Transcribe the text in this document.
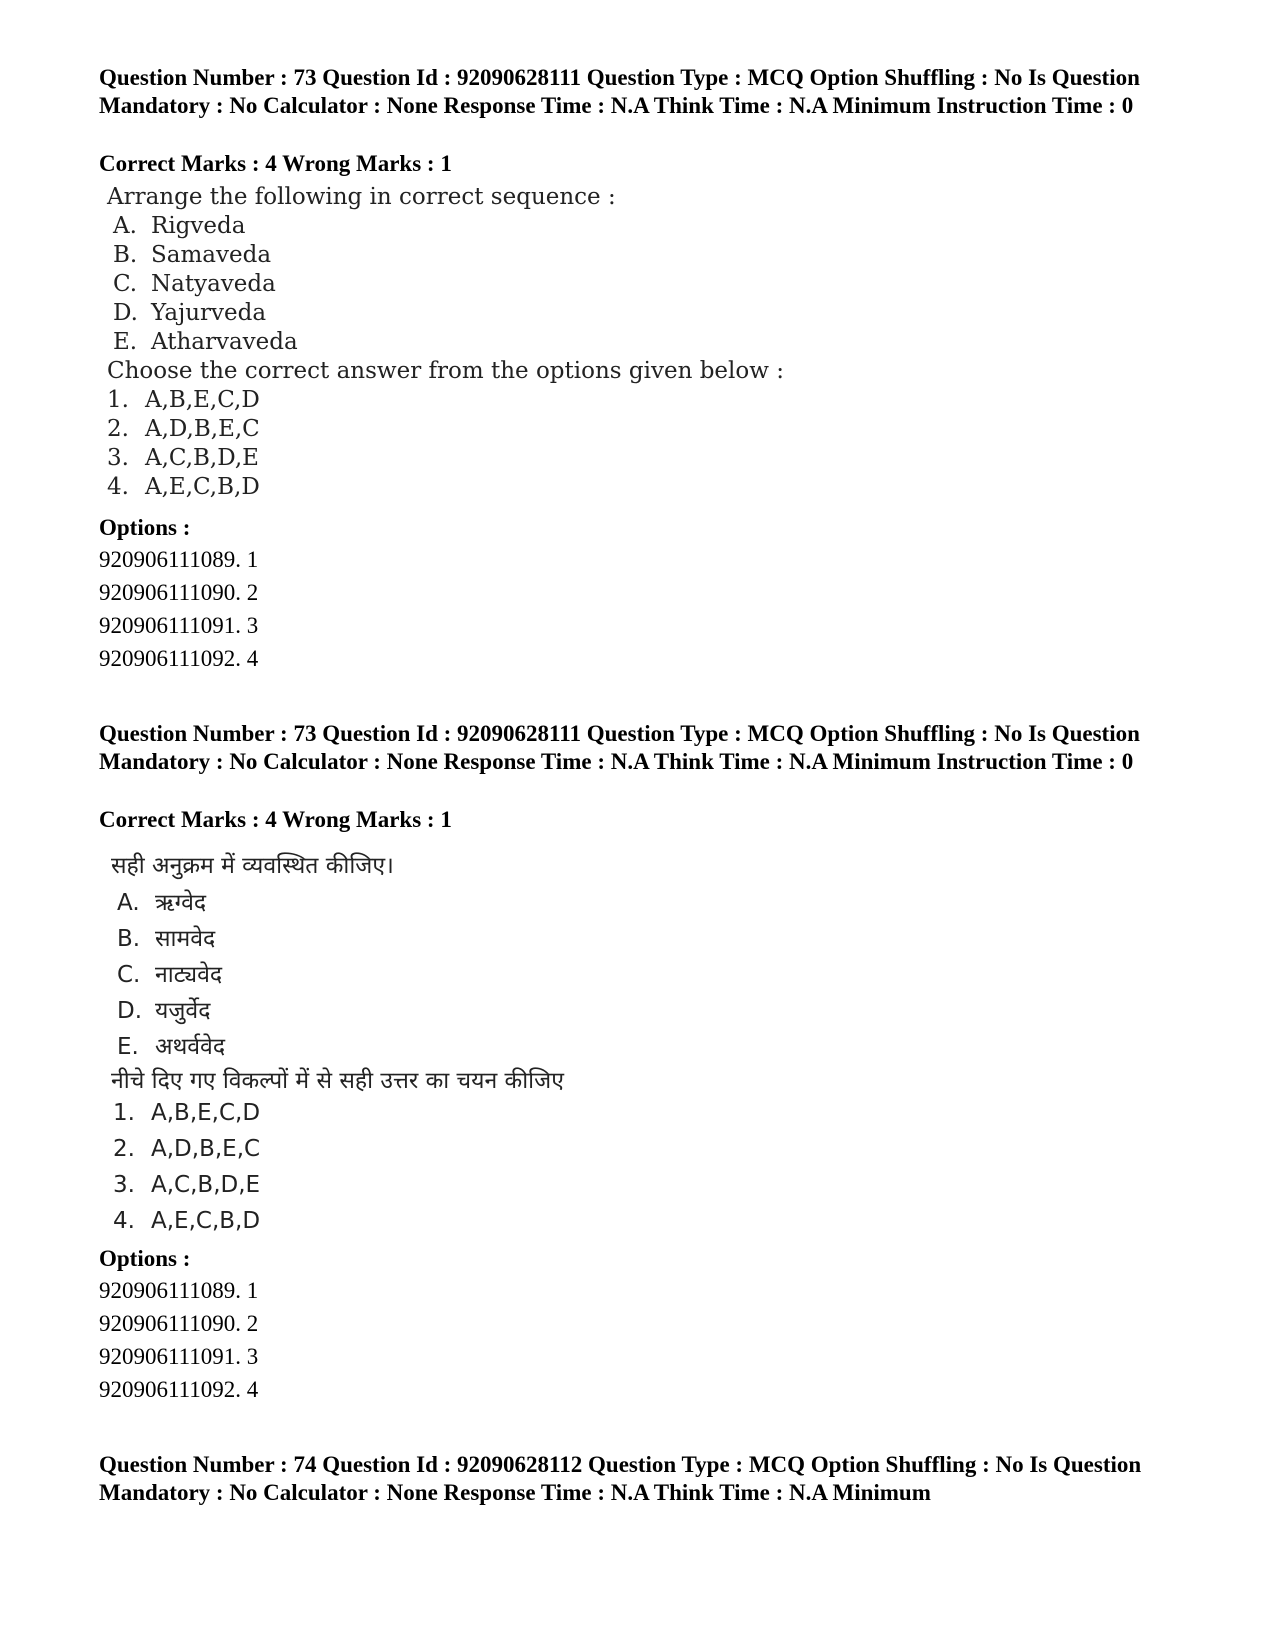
Question Number : 73 Question Id : 92090628111 Question Type : MCQ Option Shuffling : No Is Question Mandatory : No Calculator : None Response Time : N.A Think Time : N.A Minimum Instruction Time : 0
Correct Marks : 4 Wrong Marks : 1
Arrange the following in correct sequence :
A. Rigveda
B. Samaveda
C. Natyaveda
D. Yajurveda
E. Atharvaveda
Choose the correct answer from the options given below :
1. A,B,E,C,D
2. A,D,B,E,C
3. A,C,B,D,E
4. A,E,C,B,D
Options :
920906111089. 1
920906111090. 2
920906111091. 3
920906111092. 4
Question Number : 73 Question Id : 92090628111 Question Type : MCQ Option Shuffling : No Is Question Mandatory : No Calculator : None Response Time : N.A Think Time : N.A Minimum Instruction Time : 0
Correct Marks : 4 Wrong Marks : 1
सही अनुक्रम में व्यवस्थित कीजिए।
A. ऋग्वेद
B. सामवेद
C. नाट्यवेद
D. यजुर्वेद
E. अथर्ववेद
नीचे दिए गए विकल्पों में से सही उत्तर का चयन कीजिए
1. A,B,E,C,D
2. A,D,B,E,C
3. A,C,B,D,E
4. A,E,C,B,D
Options :
920906111089. 1
920906111090. 2
920906111091. 3
920906111092. 4
Question Number : 74 Question Id : 92090628112 Question Type : MCQ Option Shuffling : No Is Question Mandatory : No Calculator : None Response Time : N.A Think Time : N.A Minimum
